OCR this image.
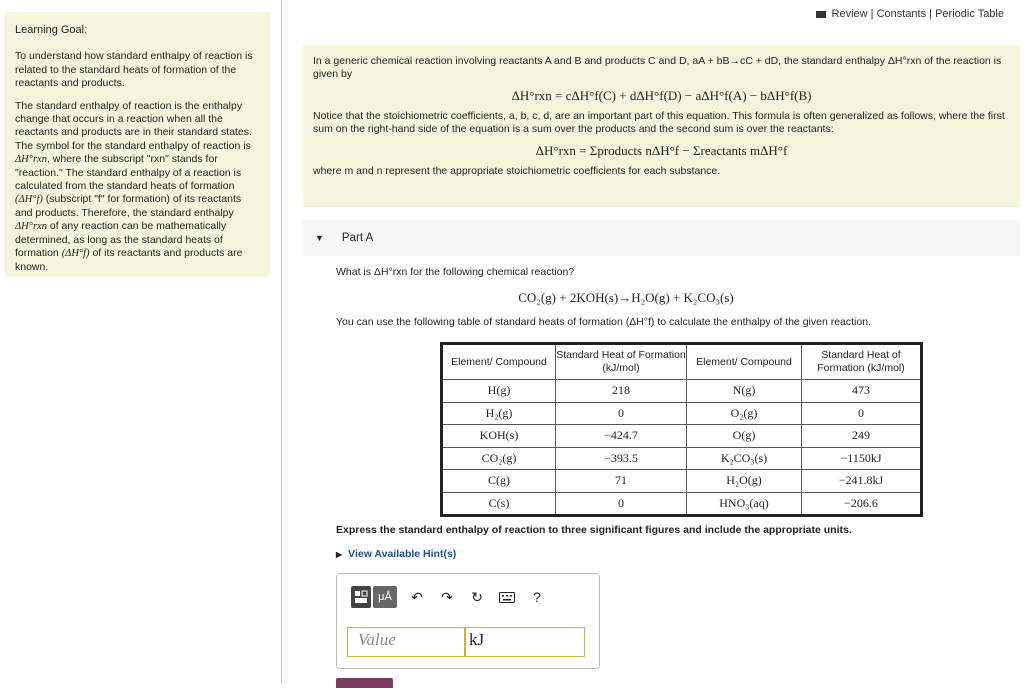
Review | Constants | Periodic Table
Learning Goal:

To understand how standard enthalpy of reaction is related to the standard heats of formation of the reactants and products.

The standard enthalpy of reaction is the enthalpy change that occurs in a reaction when all the reactants and products are in their standard states. The symbol for the standard enthalpy of reaction is ΔH°rxn, where the subscript "rxn" stands for "reaction." The standard enthalpy of a reaction is calculated from the standard heats of formation (ΔH°f) (subscript "f" for formation) of its reactants and products. Therefore, the standard enthalpy ΔH°rxn of any reaction can be mathematically determined, as long as the standard heats of formation (ΔH°f) of its reactants and products are known.

In a generic chemical reaction involving reactants A and B and products C and D, aA + bB→cC + dD, the standard enthalpy ΔH°rxn of the reaction is given by
ΔH°rxn = cΔH°f(C) + dΔH°f(D) − aΔH°f(A) − bΔH°f(B)
Notice that the stoichiometric coefficients, a, b, c, d, are an important part of this equation. This formula is often generalized as follows, where the first sum on the right-hand side of the equation is a sum over the products and the second sum is over the reactants:
ΔH°rxn = Σproducts nΔH°f − Σreactants mΔH°f
where m and n represent the appropriate stoichiometric coefficients for each substance.
▼ Part A
What is ΔH°rxn for the following chemical reaction?
CO₂(g) + 2KOH(s)→H₂O(g) + K₂CO₃(s)
You can use the following table of standard heats of formation (ΔH°f) to calculate the enthalpy of the given reaction.
Element/ Compound	Standard Heat of Formation (kJ/mol)	Element/ Compound	Standard Heat of Formation (kJ/mol)
H(g)	218	N(g)	473
H₂(g)	0	O₂(g)	0
KOH(s)	−424.7	O(g)	249
CO₂(g)	−393.5	K₂CO₃(s)	−1150kJ
C(g)	71	H₂O(g)	−241.8kJ
C(s)	0	HNO₃(aq)	−206.6
Express the standard enthalpy of reaction to three significant figures and include the appropriate units.
▶ View Available Hint(s)
μÅ	↶ ↷ ↻	?
Value	kJ
